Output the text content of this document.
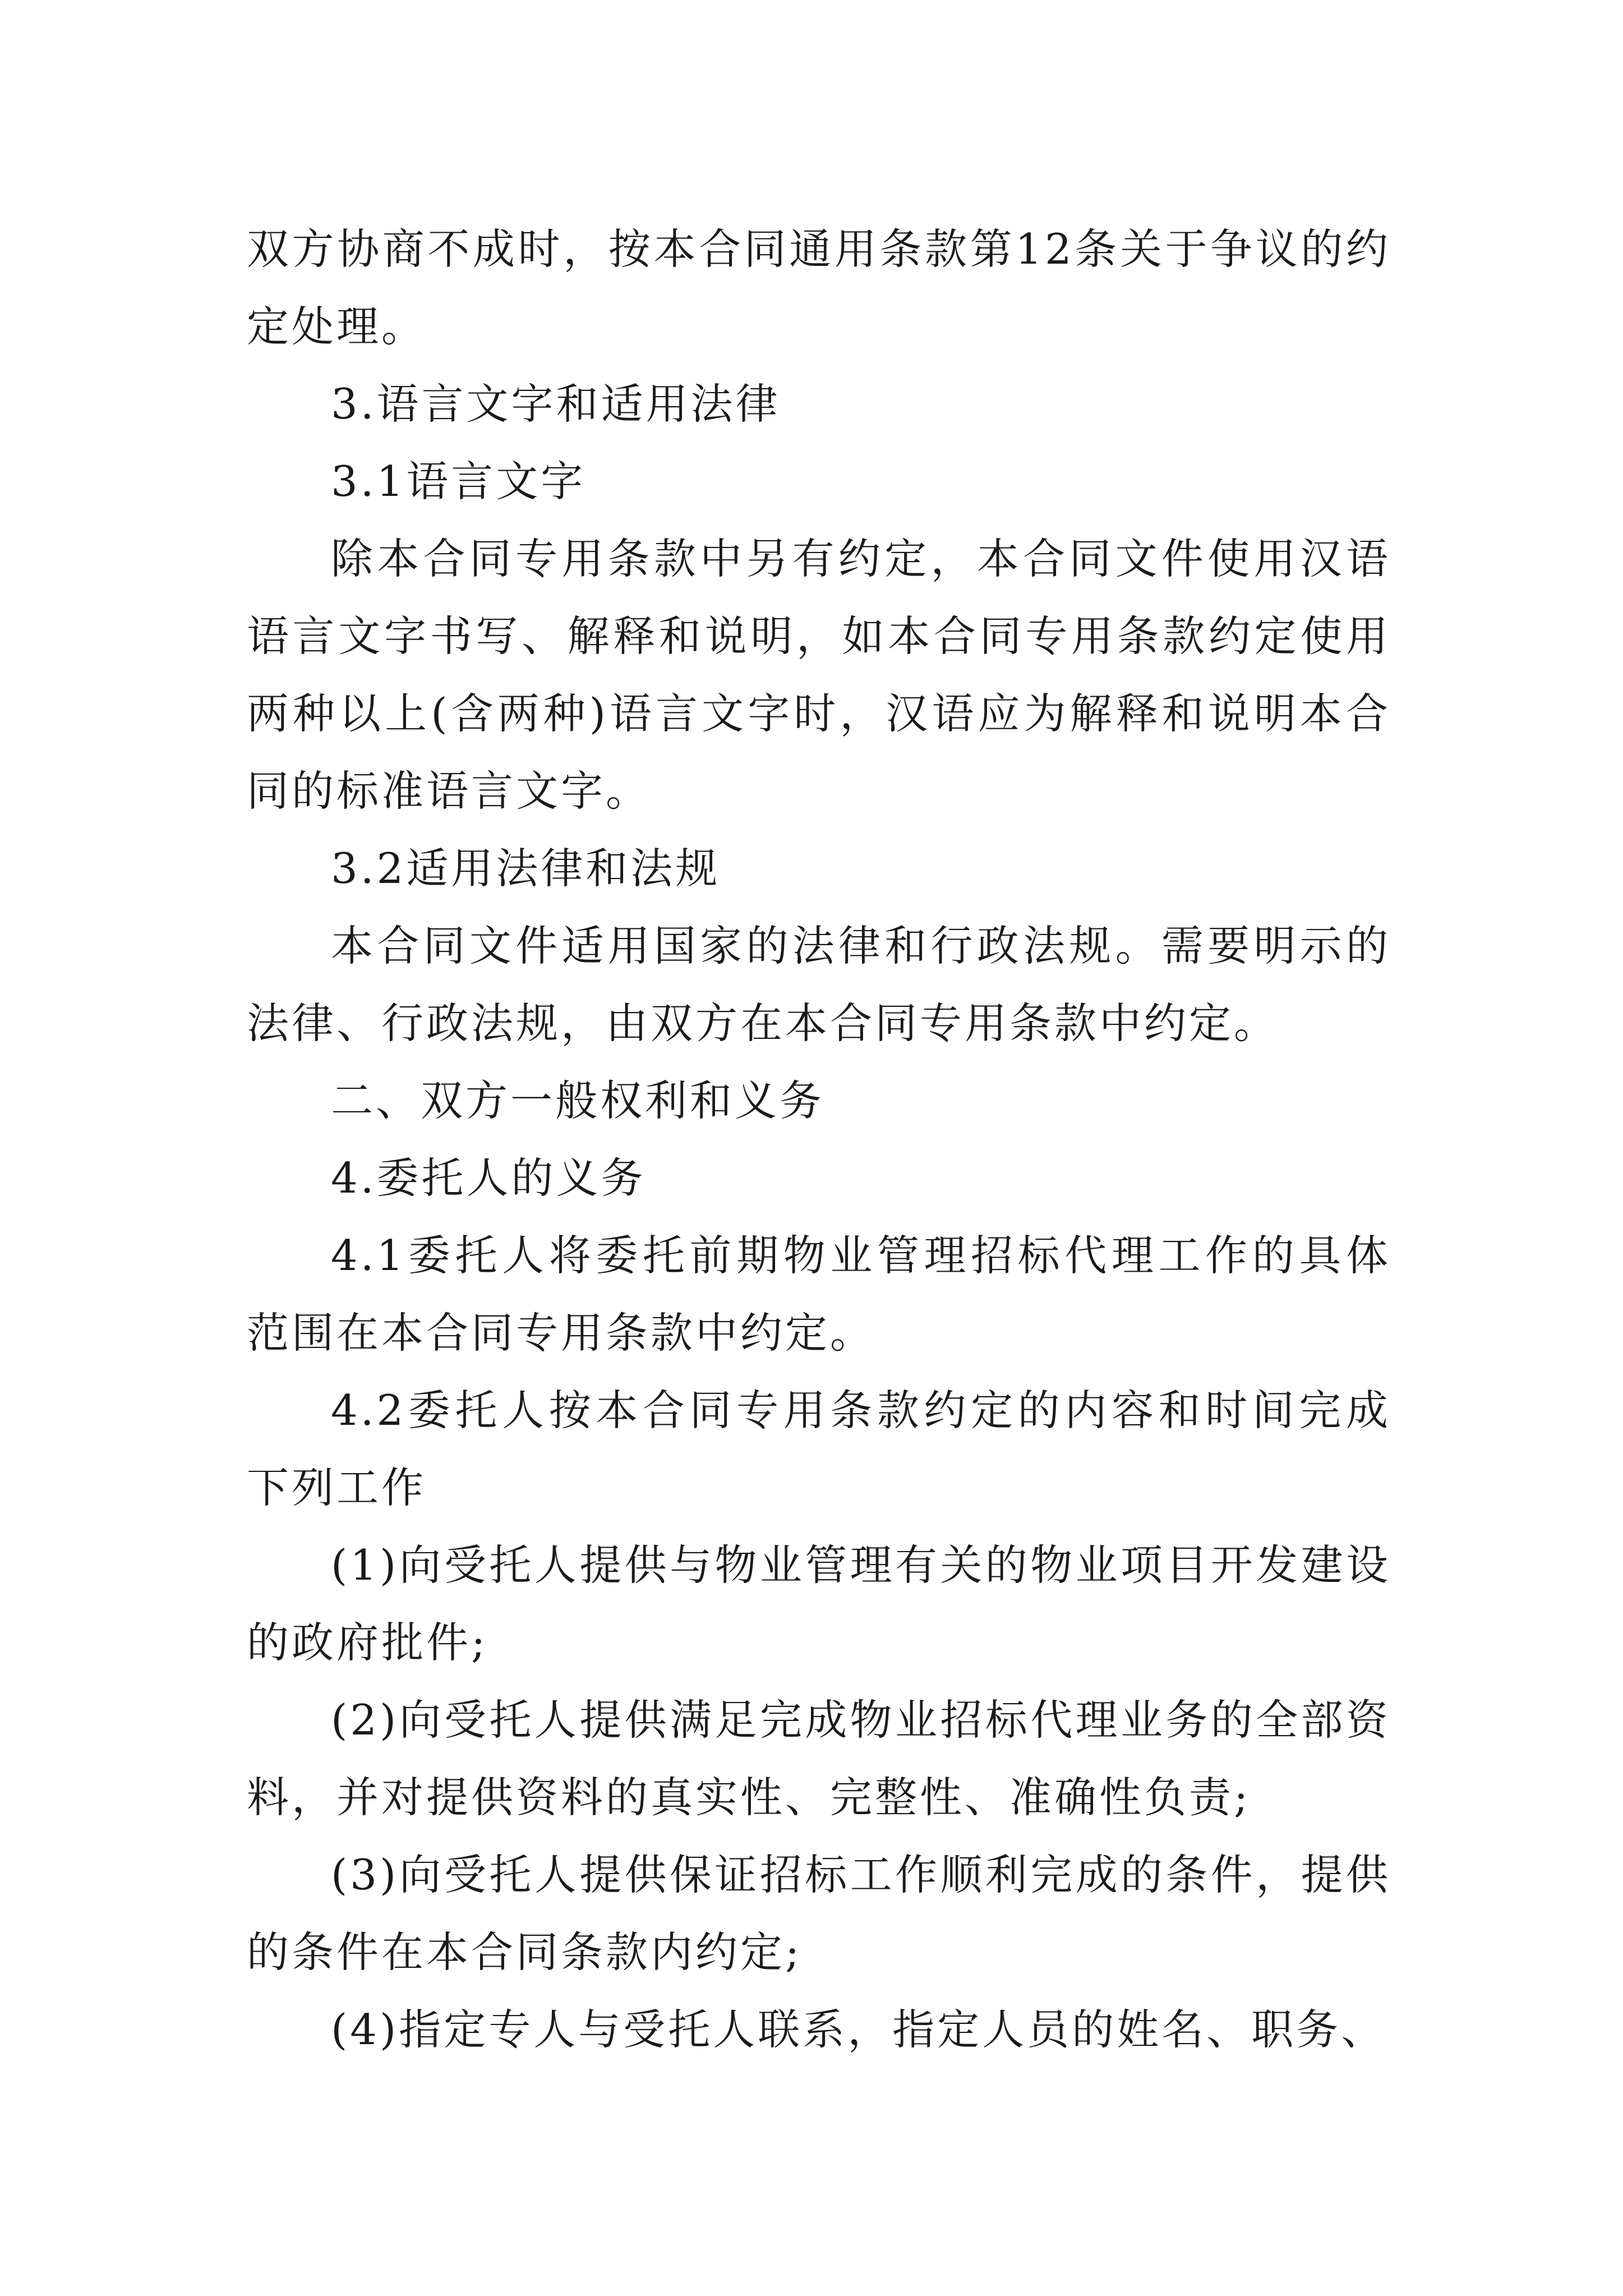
双方协商不成时，按本合同通用条款第12条关于争议的约定处理。

3.语言文字和适用法律

3.1语言文字

除本合同专用条款中另有约定，本合同文件使用汉语语言文字书写、解释和说明，如本合同专用条款约定使用两种以上(含两种)语言文字时，汉语应为解释和说明本合同的标准语言文字。

3.2适用法律和法规

本合同文件适用国家的法律和行政法规。需要明示的法律、行政法规，由双方在本合同专用条款中约定。

二、双方一般权利和义务

4.委托人的义务

4.1委托人将委托前期物业管理招标代理工作的具体范围在本合同专用条款中约定。

4.2委托人按本合同专用条款约定的内容和时间完成下列工作

(1)向受托人提供与物业管理有关的物业项目开发建设的政府批件;

(2)向受托人提供满足完成物业招标代理业务的全部资料，并对提供资料的真实性、完整性、准确性负责;

(3)向受托人提供保证招标工作顺利完成的条件，提供的条件在本合同条款内约定;

(4)指定专人与受托人联系，指定人员的姓名、职务、
